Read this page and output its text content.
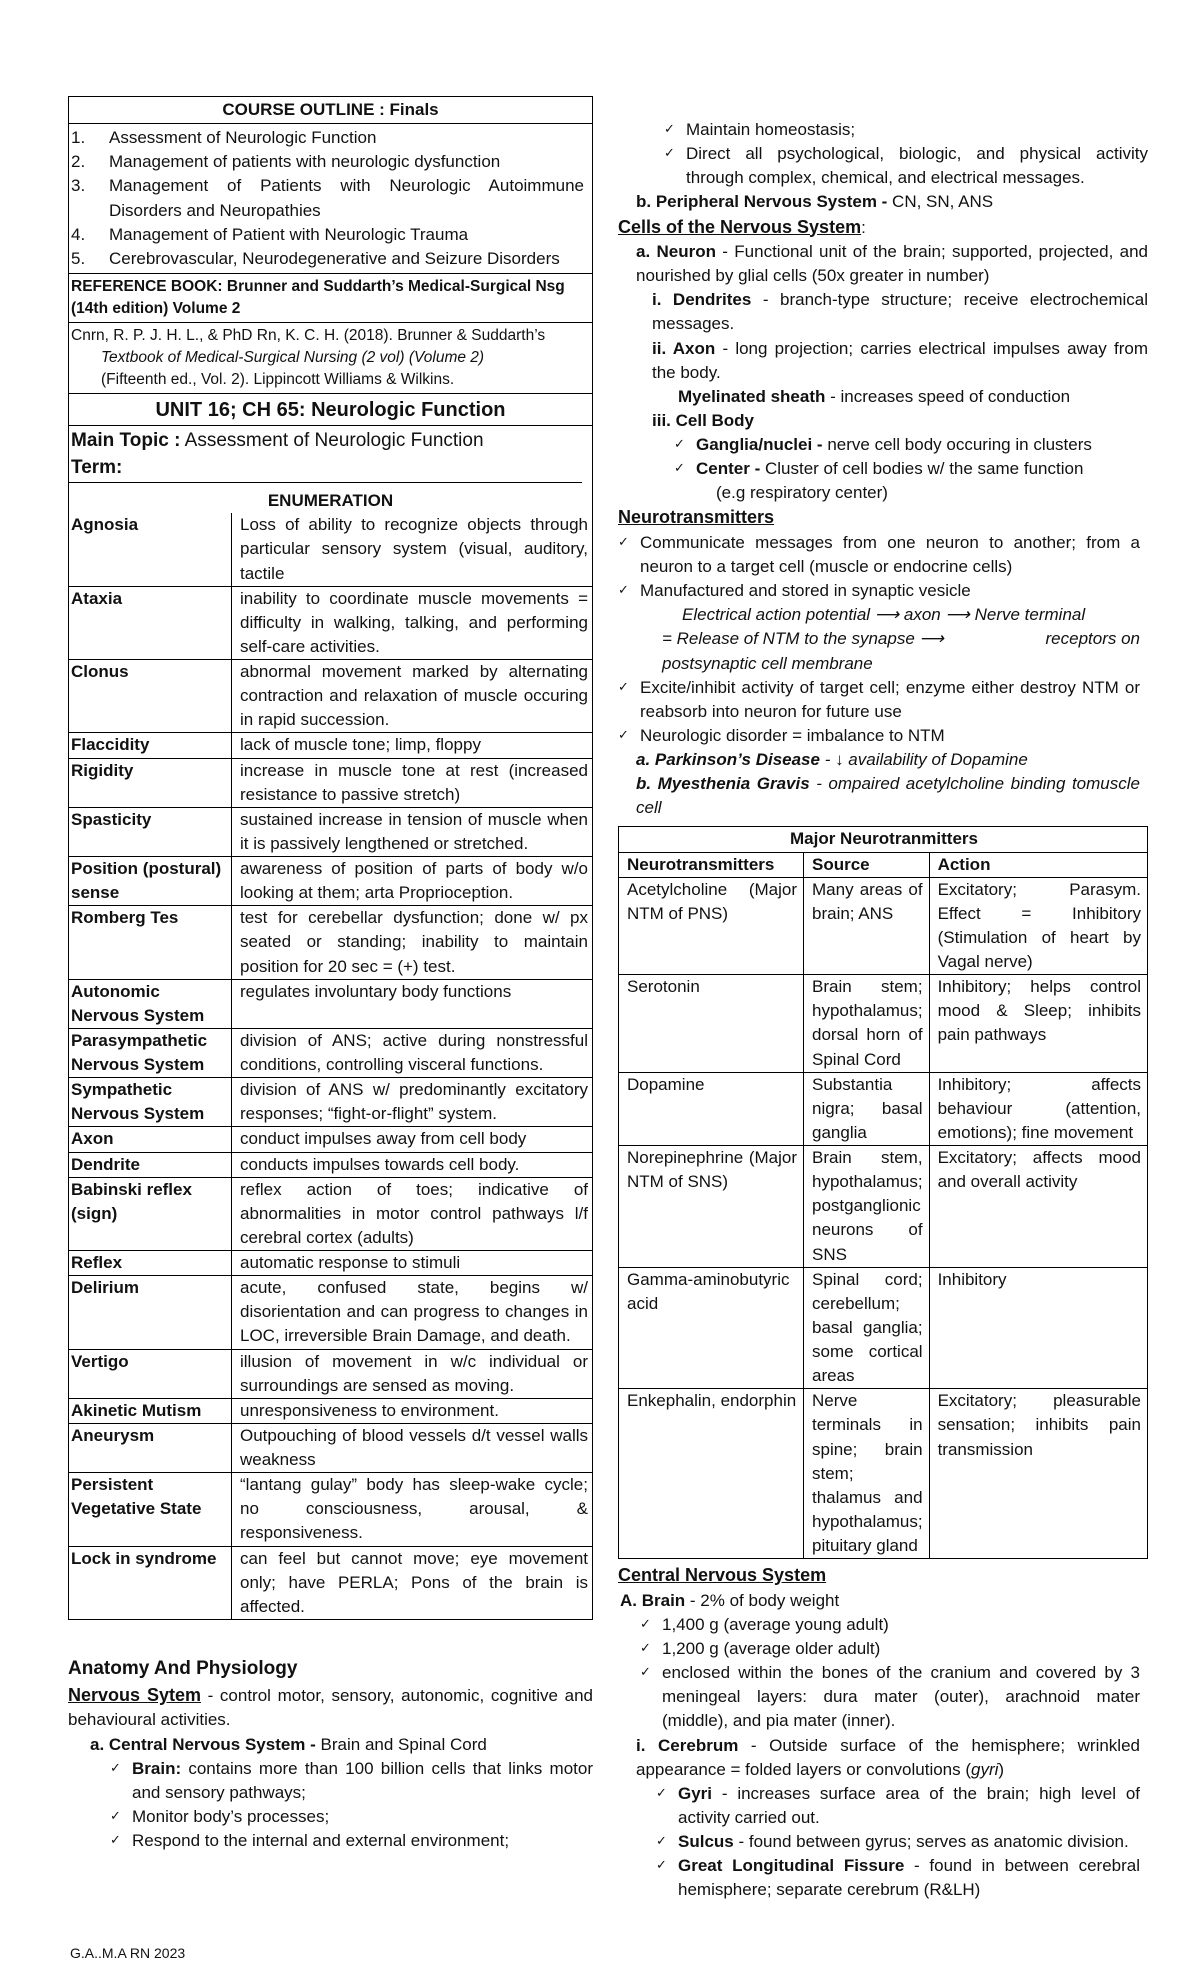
COURSE OUTLINE : Finals
1.	Assessment of Neurologic Function
2.	Management of patients with neurologic dysfunction
3.	Management of Patients with Neurologic Autoimmune Disorders and Neuropathies
4.	Management of Patient with Neurologic Trauma
5.	Cerebrovascular, Neurodegenerative and Seizure Disorders
REFERENCE BOOK: Brunner and Suddarth’s Medical-Surgical Nsg (14th edition) Volume 2
Cnrn, R. P. J. H. L., & PhD Rn, K. C. H. (2018). Brunner & Suddarth’s
Textbook of Medical-Surgical Nursing (2 vol) (Volume 2)
(Fifteenth ed., Vol. 2). Lippincott Williams & Wilkins.
UNIT 16; CH 65: Neurologic Function
Main Topic : Assessment of Neurologic Function
Term:
ENUMERATION
Agnosia	Loss of ability to recognize objects through particular sensory system (visual, auditory, tactile
Ataxia	inability to coordinate muscle movements = difficulty in walking, talking, and performing self-care activities.
Clonus	abnormal movement marked by alternating contraction and relaxation of muscle occuring in rapid succession.
Flaccidity	lack of muscle tone; limp, floppy
Rigidity	increase in muscle tone at rest (increased resistance to passive stretch)
Spasticity	sustained increase in tension of muscle when it is passively lengthened or stretched.
Position (postural) sense	awareness of position of parts of body w/o looking at them; arta Proprioception.
Romberg Tes	test for cerebellar dysfunction; done w/ px seated or standing; inability to maintain position for 20 sec = (+) test.
Autonomic Nervous System	regulates involuntary body functions
Parasympathetic Nervous System	division of ANS; active during nonstressful conditions, controlling visceral functions.
Sympathetic Nervous System	division of ANS w/ predominantly excitatory responses; “fight-or-flight” system.
Axon	conduct impulses away from cell body
Dendrite	conducts impulses towards cell body.
Babinski reflex (sign)	reflex action of toes; indicative of abnormalities in motor control pathways l/f cerebral cortex (adults)
Reflex	automatic response to stimuli
Delirium	acute, confused state, begins w/ disorientation and can progress to changes in LOC, irreversible Brain Damage, and death.
Vertigo	illusion of movement in w/c individual or surroundings are sensed as moving.
Akinetic Mutism	unresponsiveness to environment.
Aneurysm	Outpouching of blood vessels d/t vessel walls weakness
Persistent Vegetative State	“lantang gulay” body has sleep-wake cycle; no consciousness, arousal, & responsiveness.
Lock in syndrome	can feel but cannot move; eye movement only; have PERLA; Pons of the brain is affected.
Anatomy And Physiology
Nervous Sytem - control motor, sensory, autonomic, cognitive and behavioural activities.
a. Central Nervous System - Brain and Spinal Cord
✓ Brain: contains more than 100 billion cells that links motor and sensory pathways;
✓ Monitor body’s processes;
✓ Respond to the internal and external environment;
✓ Maintain homeostasis;
✓ Direct all psychological, biologic, and physical activity through complex, chemical, and electrical messages.
b. Peripheral Nervous System - CN, SN, ANS
Cells of the Nervous System:
a. Neuron - Functional unit of the brain; supported, projected, and nourished by glial cells (50x greater in number)
i. Dendrites - branch-type structure; receive electrochemical messages.
ii. Axon - long projection; carries electrical impulses away from the body.
Myelinated sheath - increases speed of conduction
iii. Cell Body
✓ Ganglia/nuclei - nerve cell body occuring in clusters
✓ Center - Cluster of cell bodies w/ the same function
(e.g respiratory center)
Neurotransmitters
✓ Communicate messages from one neuron to another; from a neuron to a target cell (muscle or endocrine cells)
✓ Manufactured and stored in synaptic vesicle
Electrical action potential ⟶ axon ⟶ Nerve terminal
= Release of NTM to the synapse ⟶	receptors on
postsynaptic cell membrane
✓ Excite/inhibit activity of target cell; enzyme either destroy NTM or reabsorb into neuron for future use
✓ Neurologic disorder = imbalance to NTM
a. Parkinson’s Disease - ↓ availability of Dopamine
b. Myesthenia Gravis - ompaired acetylcholine binding tomuscle cell
Major Neurotranmitters		
Neurotransmitters	Source	Action
Acetylcholine (Major NTM of PNS)	Many areas of brain; ANS	Excitatory; Parasym. Effect = Inhibitory (Stimulation of heart by Vagal nerve)
Serotonin	Brain stem; hypothalamus; dorsal horn of Spinal Cord	Inhibitory; helps control mood & Sleep; inhibits pain pathways
Dopamine	Substantia nigra; basal ganglia	Inhibitory; affects behaviour (attention, emotions); fine movement
Norepinephrine (Major NTM of SNS)	Brain stem, hypothalamus; postganglionic neurons of SNS	Excitatory; affects mood and overall activity
Gamma-aminobutyric acid	Spinal cord; cerebellum; basal ganglia; some cortical areas	Inhibitory
Enkephalin, endorphin	Nerve terminals in spine; brain stem; thalamus and hypothalamus; pituitary gland	Excitatory; pleasurable sensation; inhibits pain transmission
Central Nervous System
A. Brain - 2% of body weight
✓ 1,400 g (average young adult)
✓ 1,200 g (average older adult)
✓ enclosed within the bones of the cranium and covered by 3 meningeal layers: dura mater (outer), arachnoid mater (middle), and pia mater (inner).
i. Cerebrum - Outside surface of the hemisphere; wrinkled appearance = folded layers or convolutions (gyri)
✓ Gyri - increases surface area of the brain; high level of activity carried out.
✓ Sulcus - found between gyrus; serves as anatomic division.
✓ Great Longitudinal Fissure - found in between cerebral hemisphere; separate cerebrum (R&LH)
G.A..M.A RN 2023
